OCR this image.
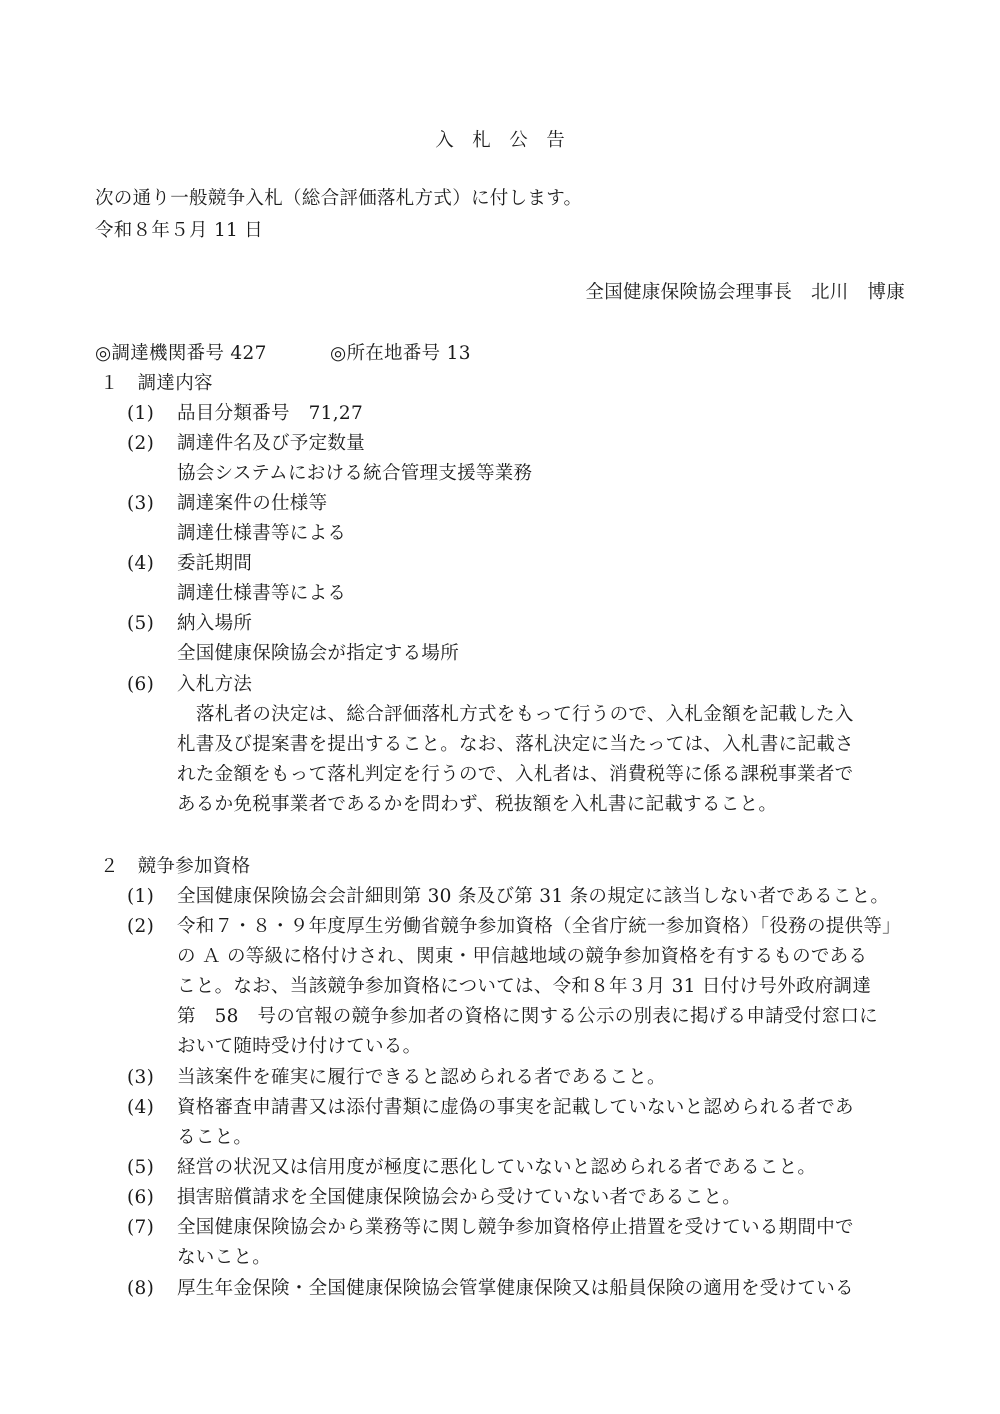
入　札　公　告
次の通り一般競争入札（総合評価落札方式）に付します。
令和８年５月 11 日
全国健康保険協会理事長　北川　博康
◎調達機関番号 427	◎所在地番号 13
１　調達内容
(1)	品目分類番号　71,27
(2)	調達件名及び予定数量
協会システムにおける統合管理支援等業務
(3)	調達案件の仕様等
調達仕様書等による
(4)	委託期間
調達仕様書等による
(5)	納入場所
全国健康保険協会が指定する場所
(6)	入札方法
落札者の決定は、総合評価落札方式をもって行うので、入札金額を記載した入
札書及び提案書を提出すること。なお、落札決定に当たっては、入札書に記載さ
れた金額をもって落札判定を行うので、入札者は、消費税等に係る課税事業者で
あるか免税事業者であるかを問わず、税抜額を入札書に記載すること。
２　競争参加資格
(1)	全国健康保険協会会計細則第 30 条及び第 31 条の規定に該当しない者であること。
(2)	令和７・８・９年度厚生労働省競争参加資格（全省庁統一参加資格）「役務の提供等」
の Ａ の等級に格付けされ、関東・甲信越地域の競争参加資格を有するものである
こと。なお、当該競争参加資格については、令和８年３月 31 日付け号外政府調達
第　58　号の官報の競争参加者の資格に関する公示の別表に掲げる申請受付窓口に
おいて随時受け付けている。
(3)	当該案件を確実に履行できると認められる者であること。
(4)	資格審査申請書又は添付書類に虚偽の事実を記載していないと認められる者であ
ること。
(5)	経営の状況又は信用度が極度に悪化していないと認められる者であること。
(6)	損害賠償請求を全国健康保険協会から受けていない者であること。
(7)	全国健康保険協会から業務等に関し競争参加資格停止措置を受けている期間中で
ないこと。
(8)	厚生年金保険・全国健康保険協会管掌健康保険又は船員保険の適用を受けている
